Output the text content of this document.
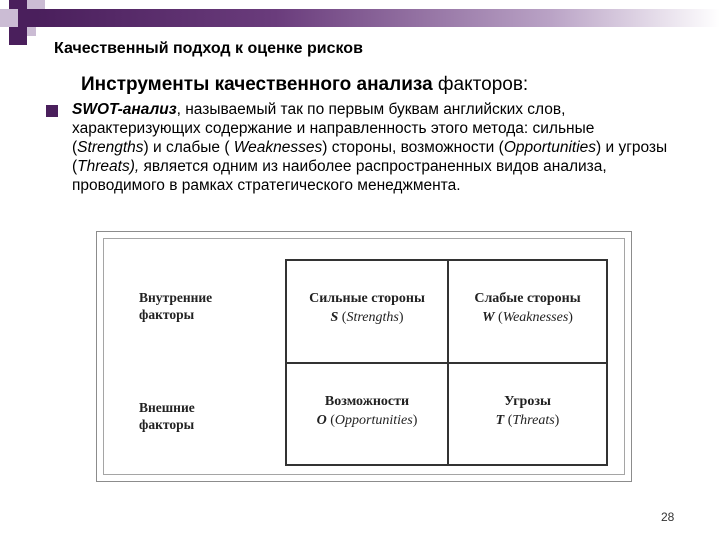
Качественный подход к оценке рисков
Инструменты качественного анализа факторов:
SWOT-анализ, называемый так по первым буквам английских слов, характеризующих содержание и направленность этого метода: сильные (Strengths) и слабые ( Weaknesses) стороны, возможности (Opportunities) и угрозы (Threats), является одним из наиболее распространенных видов анализа, проводимого в рамках стратегического менеджмента.
Внутренние
факторы
Внешние
факторы
Сильные стороны
S (Strengths)
Слабые стороны
W (Weaknesses)
Возможности
O (Opportunities)
Угрозы
T (Threats)
28
